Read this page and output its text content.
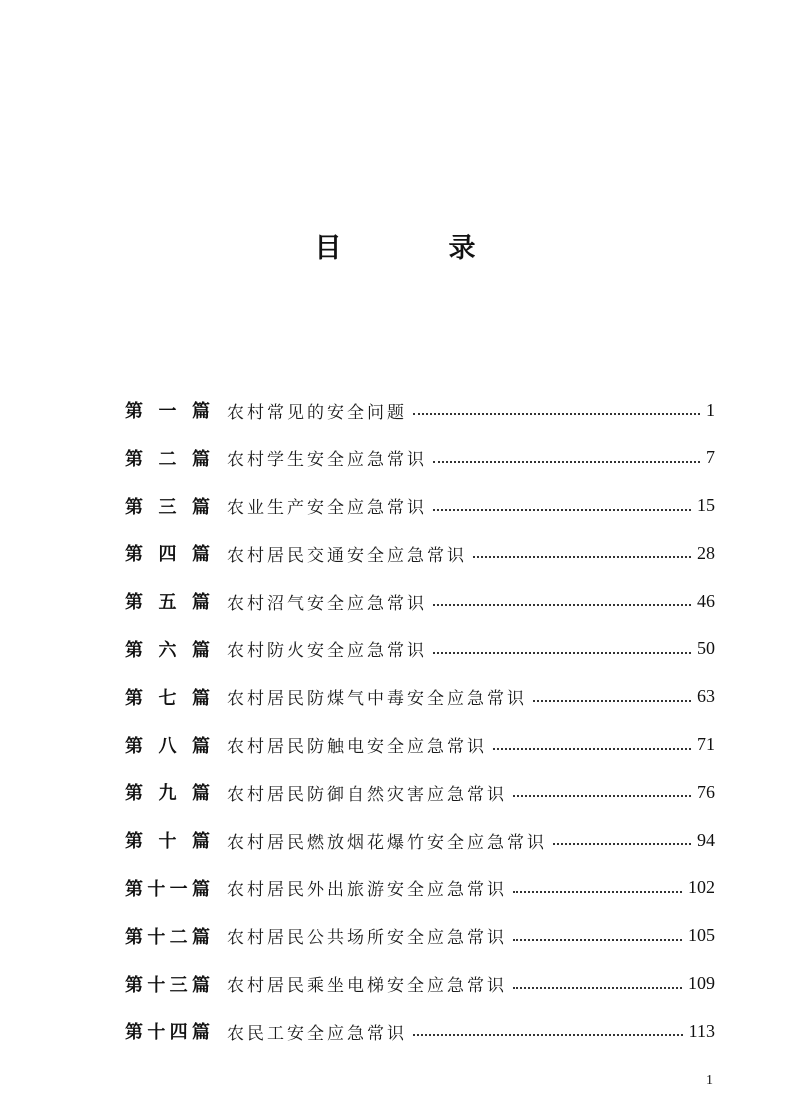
目　录
第 一 篇 农村常见的安全问题	1
第 二 篇 农村学生安全应急常识	7
第 三 篇 农业生产安全应急常识	15
第 四 篇 农村居民交通安全应急常识	28
第 五 篇 农村沼气安全应急常识	46
第 六 篇 农村防火安全应急常识	50
第 七 篇 农村居民防煤气中毒安全应急常识	63
第 八 篇 农村居民防触电安全应急常识	71
第 九 篇 农村居民防御自然灾害应急常识	76
第 十 篇 农村居民燃放烟花爆竹安全应急常识	94
第 十 一 篇 农村居民外出旅游安全应急常识	102
第 十 二 篇 农村居民公共场所安全应急常识	105
第 十 三 篇 农村居民乘坐电梯安全应急常识	109
第 十 四 篇 农民工安全应急常识	113
1
